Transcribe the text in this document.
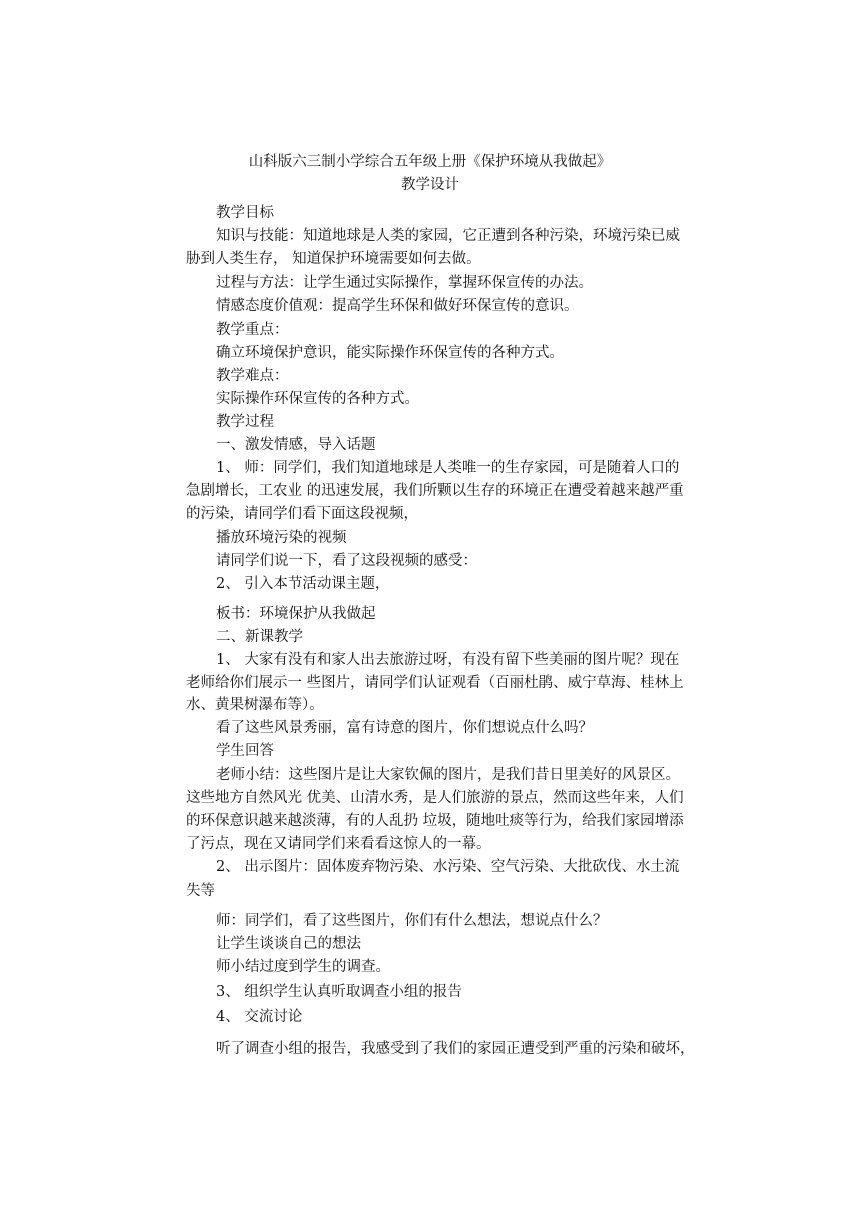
山科版六三制小学综合五年级上册《保护环境从我做起》
教学设计
教学目标
知识与技能：知道地球是人类的家园，它正遭到各种污染，环境污染已威
胁到人类生存， 知道保护环境需要如何去做。
过程与方法：让学生通过实际操作，掌握环保宣传的办法。
情感态度价值观：提高学生环保和做好环保宣传的意识。
教学重点：
确立环境保护意识，能实际操作环保宣传的各种方式。
教学难点：
实际操作环保宣传的各种方式。
教学过程
一、激发情感，导入话题
1、 师：同学们，我们知道地球是人类唯一的生存家园，可是随着人口的
急剧增长，工农业 的迅速发展，我们所颗以生存的环境正在遭受着越来越严重
的污染，请同学们看下面这段视频，
播放环境污染的视频
请同学们说一下，看了这段视频的感受：
2、 引入本节活动课主题，
板书：环境保护从我做起
二、新课教学
1、 大家有没有和家人出去旅游过呀，有没有留下些美丽的图片呢？现在
老师给你们展示一 些图片，请同学们认证观看（百丽杜鹃、威宁草海、桂林上
水、黄果树瀑布等）。
看了这些风景秀丽，富有诗意的图片，你们想说点什么吗？
学生回答
老师小结：这些图片是让大家钦佩的图片，是我们昔日里美好的风景区。
这些地方自然风光 优美、山清水秀，是人们旅游的景点，然而这些年来，人们
的环保意识越来越淡薄，有的人乱扔 垃圾，随地吐痰等行为，给我们家园增添
了污点，现在又请同学们来看看这惊人的一幕。
2、 出示图片：固体废弃物污染、水污染、空气污染、大批砍伐、水土流
失等
师：同学们，看了这些图片，你们有什么想法，想说点什么？
让学生谈谈自己的想法
师小结过度到学生的调查。
3、 组织学生认真听取调查小组的报告
4、 交流讨论
听了调查小组的报告，我感受到了我们的家园正遭受到严重的污染和破坏，
